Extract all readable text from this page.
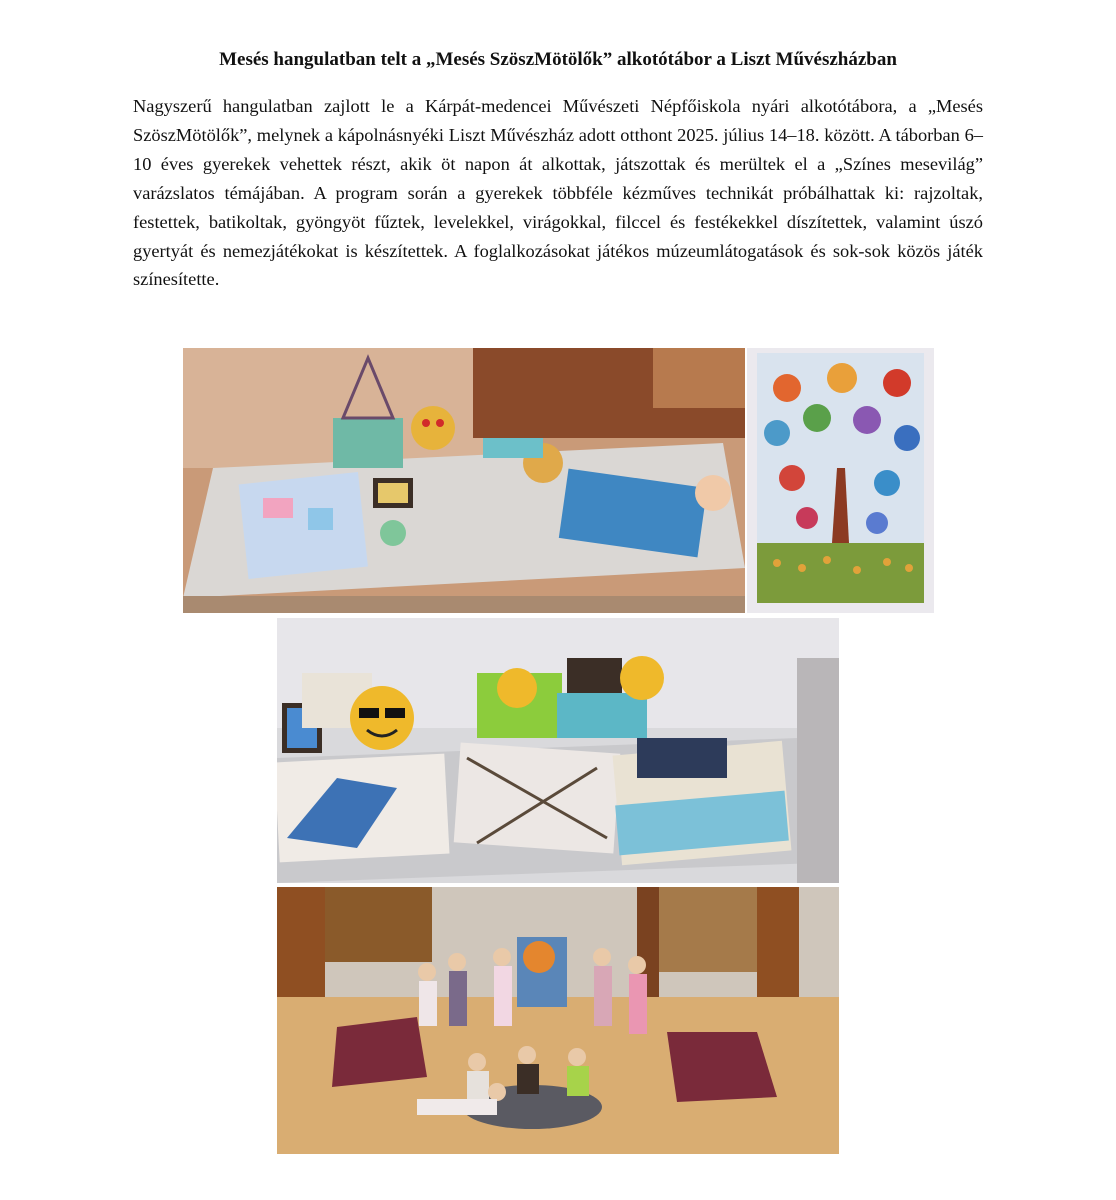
Mesés hangulatban telt a „Mesés SzöszMötölők” alkotótábor a Liszt Művészházban

Nagyszerű hangulatban zajlott le a Kárpát-medencei Művészeti Népfőiskola nyári alkotótábora, a „Mesés SzöszMötölők”, melynek a kápolnásnyéki Liszt Művészház adott otthont 2025. július 14–18. között. A táborban 6–10 éves gyerekek vehettek részt, akik öt napon át alkottak, játszottak és merültek el a „Színes mesevilág” varázslatos témájában. A program során a gyerekek többféle kézműves technikát próbálhattak ki: rajzoltak, festettek, batikoltak, gyöngyöt fűztek, levelekkel, virágokkal, filccel és festékekkel díszítettek, valamint úszó gyertyát és nemezjátékokat is készítettek. A foglalkozásokat játékos múzeumlátogatások és sok-sok közös játék színesítette.
